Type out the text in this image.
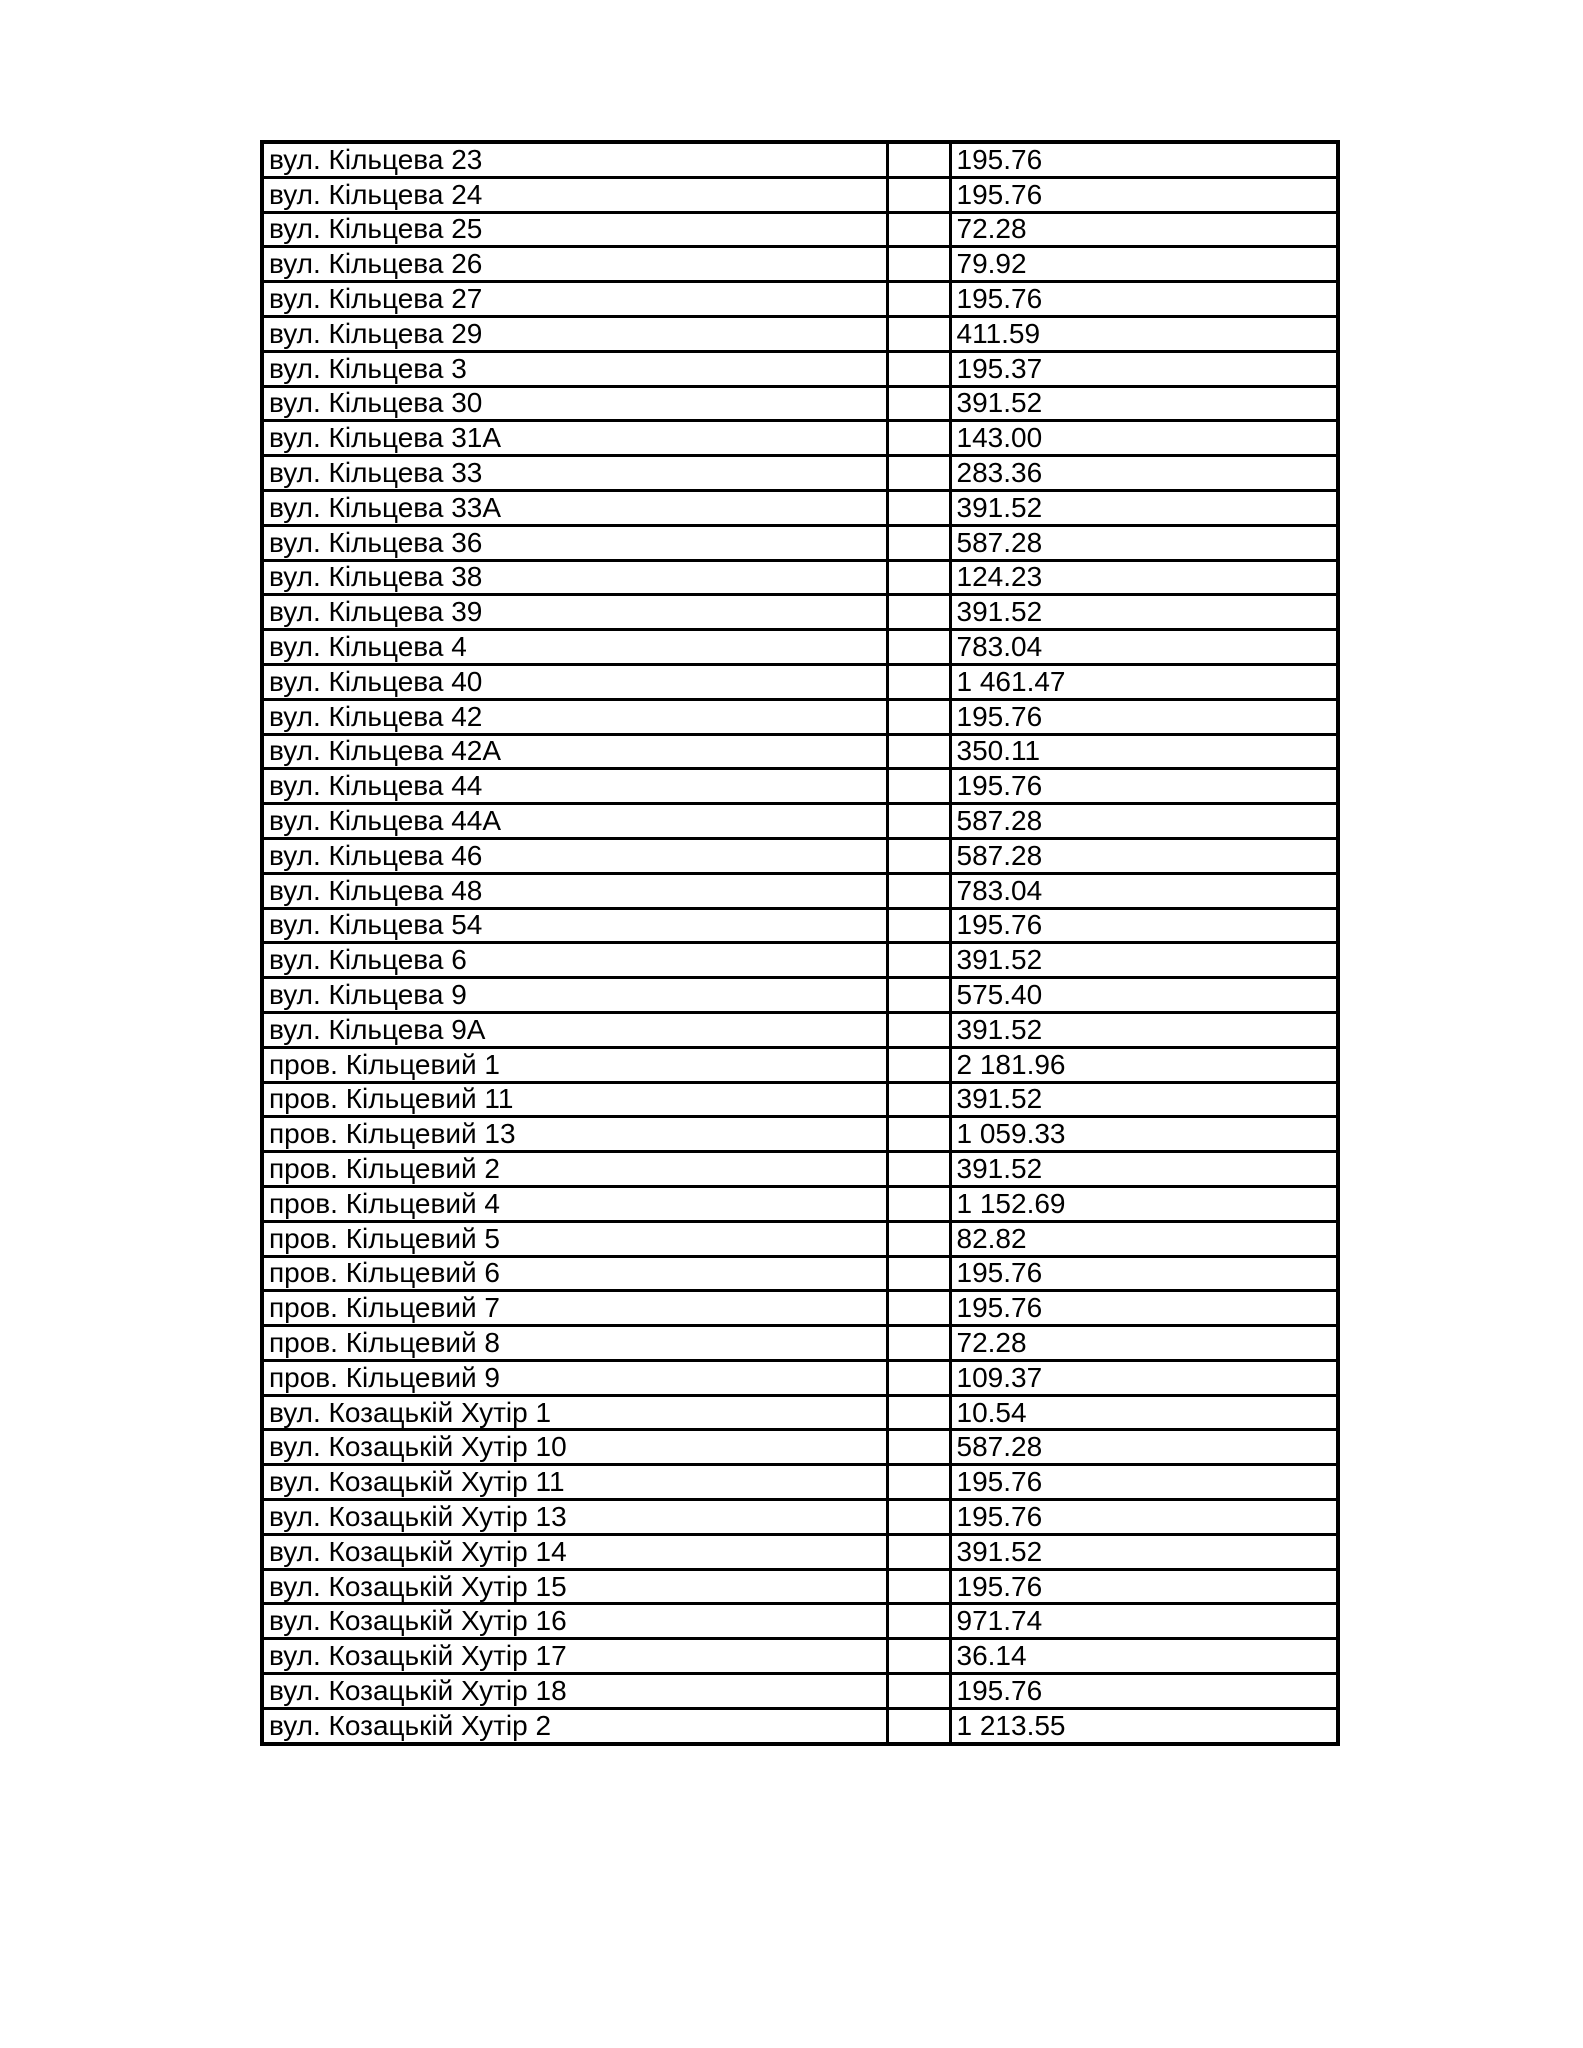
вул. Кільцева 23		195.76
вул. Кільцева 24		195.76
вул. Кільцева 25		72.28
вул. Кільцева 26		79.92
вул. Кільцева 27		195.76
вул. Кільцева 29		411.59
вул. Кільцева 3		195.37
вул. Кільцева 30		391.52
вул. Кільцева 31А		143.00
вул. Кільцева 33		283.36
вул. Кільцева 33А		391.52
вул. Кільцева 36		587.28
вул. Кільцева 38		124.23
вул. Кільцева 39		391.52
вул. Кільцева 4		783.04
вул. Кільцева 40		1 461.47
вул. Кільцева 42		195.76
вул. Кільцева 42А		350.11
вул. Кільцева 44		195.76
вул. Кільцева 44А		587.28
вул. Кільцева 46		587.28
вул. Кільцева 48		783.04
вул. Кільцева 54		195.76
вул. Кільцева 6		391.52
вул. Кільцева 9		575.40
вул. Кільцева 9А		391.52
пров. Кільцевий 1		2 181.96
пров. Кільцевий 11		391.52
пров. Кільцевий 13		1 059.33
пров. Кільцевий 2		391.52
пров. Кільцевий 4		1 152.69
пров. Кільцевий 5		82.82
пров. Кільцевий 6		195.76
пров. Кільцевий 7		195.76
пров. Кільцевий 8		72.28
пров. Кільцевий 9		109.37
вул. Козацькій Хутір 1		10.54
вул. Козацькій Хутір 10		587.28
вул. Козацькій Хутір 11		195.76
вул. Козацькій Хутір 13		195.76
вул. Козацькій Хутір 14		391.52
вул. Козацькій Хутір 15		195.76
вул. Козацькій Хутір 16		971.74
вул. Козацькій Хутір 17		36.14
вул. Козацькій Хутір 18		195.76
вул. Козацькій Хутір 2		1 213.55
